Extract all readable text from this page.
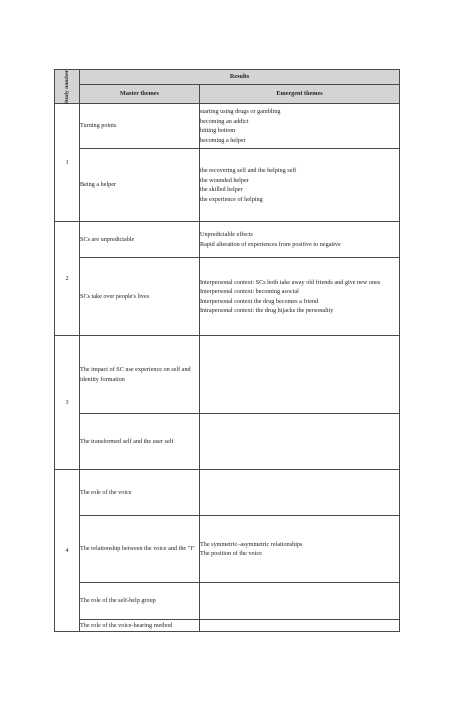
Study number	Results	
	Master themes	Emergent themes
1	Turning points	starting using drugs or gambling
becoming an addict
hitting bottom
becoming a helper

	Being a helper	the recovering self and the helping self
the wounded helper
the skilled helper
the experience of helping

2	SCs are unpredictable	Unpredictable effects
Rapid alteration of experiences from positive to negative

	SCs take over people's lives	Interpersonal context: SCs both take away old friends and give new ones
Interpersonal context: becoming asocial
Interpersonal context the drug becomes a friend
Intrapersonal context: the drug hijacks the personality

3	The impact of SC use experience on self and identity formation	
	The transformed self and the user self	
4	The role of the voice	
	The relationship between the voice and the "I"	The symmetric–asymmetric relationships
The position of the voice

	The role of the self-help group	
	The role of the voice-hearing method	
